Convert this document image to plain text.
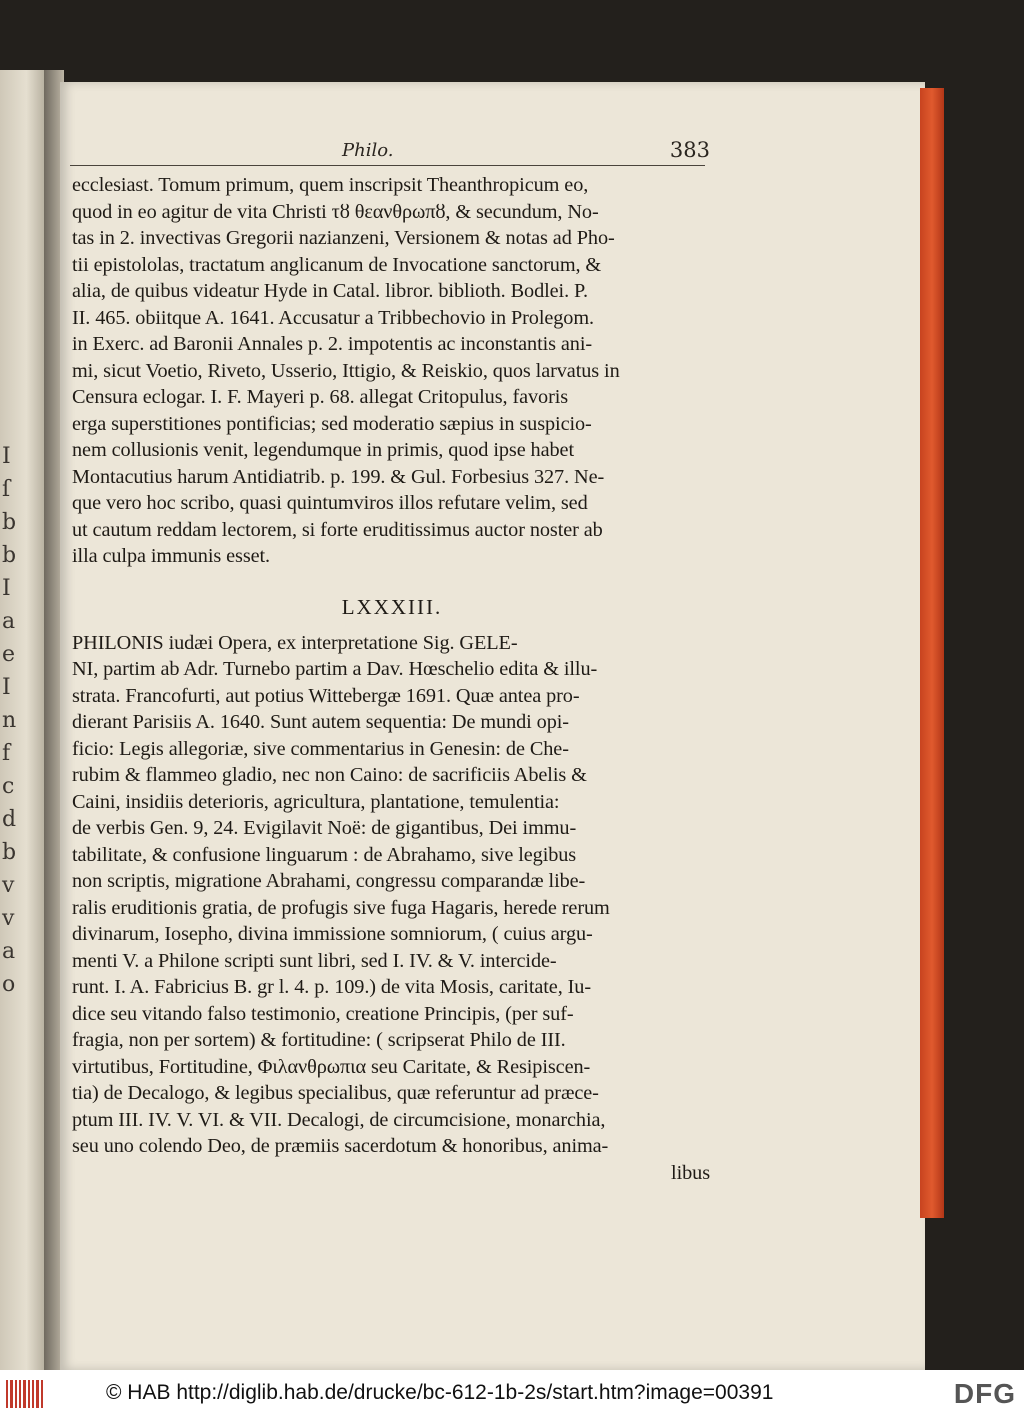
I
ſ
b
b
I
a
e
I
n
f
c
d
b
v
v
a
o
Philo.	383
ecclesiast. Tomum primum, quem inscripsit Theanthropicum eo,
quod in eo agitur de vita Christi τȣ θεανθρωπȣ, & secundum, No-
tas in 2. invectivas Gregorii nazianzeni, Versionem & notas ad Pho-
tii epistololas, tractatum anglicanum de Invocatione sanctorum, &
alia, de quibus videatur Hyde in Catal. libror. biblioth. Bodlei. P.
II. 465. obiitque A. 1641. Accusatur a Tribbechovio in Prolegom.
in Exerc. ad Baronii Annales p. 2. impotentis ac inconstantis ani-
mi, sicut Voetio, Riveto, Usserio, Ittigio, & Reiskio, quos larvatus in
Censura eclogar. I. F. Mayeri p. 68. allegat Critopulus, favoris
erga superstitiones pontificias; sed moderatio sæpius in suspicio-
nem collusionis venit, legendumque in primis, quod ipse habet
Montacutius harum Antidiatrib. p. 199. & Gul. Forbesius 327. Ne-
que vero hoc scribo, quasi quintumviros illos refutare velim, sed
ut cautum reddam lectorem, si forte eruditissimus auctor noster ab
illa culpa immunis esset.
LXXXIII.
PHILONIS iudæi Opera, ex interpretatione Sig. GELE-
NI, partim ab Adr. Turnebo partim a Dav. Hœschelio edita & illu-
strata. Francofurti, aut potius Wittebergæ 1691. Quæ antea pro-
dierant Parisiis A. 1640. Sunt autem sequentia: De mundi opi-
ficio: Legis allegoriæ, sive commentarius in Genesin: de Che-
rubim & flammeo gladio, nec non Caino: de sacrificiis Abelis &
Caini, insidiis deterioris, agricultura, plantatione, temulentia:
de verbis Gen. 9, 24. Evigilavit Noë: de gigantibus, Dei immu-
tabilitate, & confusione linguarum : de Abrahamo, sive legibus
non scriptis, migratione Abrahami, congressu comparandæ libe-
ralis eruditionis gratia, de profugis sive fuga Hagaris, herede rerum
divinarum, Iosepho, divina immissione somniorum, ( cuius argu-
menti V. a Philone scripti sunt libri, sed I. IV. & V. intercide-
runt. I. A. Fabricius B. gr l. 4. p. 109.) de vita Mosis, caritate, Iu-
dice seu vitando falso testimonio, creatione Principis, (per suf-
fragia, non per sortem) & fortitudine: ( scripserat Philo de III.
virtutibus, Fortitudine, Φιλανθρωπια seu Caritate, & Resipiscen-
tia) de Decalogo, & legibus specialibus, quæ referuntur ad præce-
ptum III. IV. V. VI. & VII. Decalogi, de circumcisione, monarchia,
seu uno colendo Deo, de præmiis sacerdotum & honoribus, anima-
libus
© HAB http://diglib.hab.de/drucke/bc-612-1b-2s/start.htm?image=00391	DFG
